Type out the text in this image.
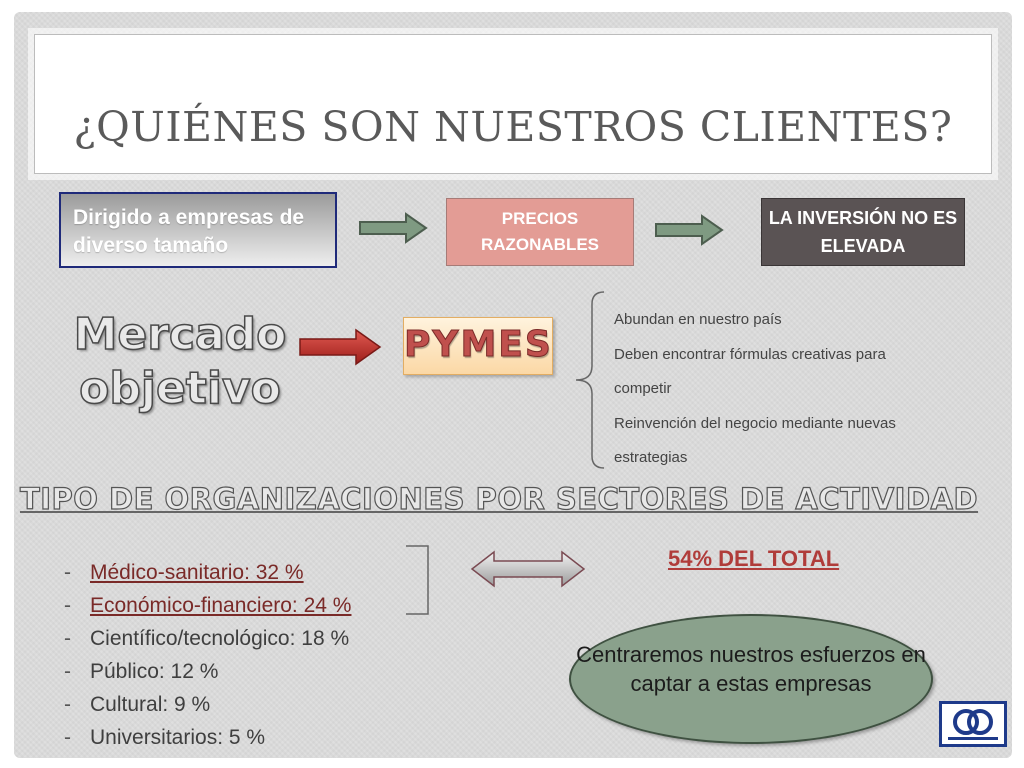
¿QUIÉNES SON NUESTROS CLIENTES?
Dirigido a empresas de diverso tamaño
PRECIOS RAZONABLES
LA INVERSIÓN NO ES ELEVADA
Mercado objetivo
PYMES
Abundan en nuestro país
Deben encontrar fórmulas creativas para
competir
Reinvención del negocio mediante nuevas
estrategias
TIPO DE ORGANIZACIONES POR SECTORES DE ACTIVIDAD
- Médico-sanitario: 32 %
- Económico-financiero: 24 %
- Científico/tecnológico: 18 %
- Público: 12 %
- Cultural: 9 %
- Universitarios: 5 %
54% DEL TOTAL
Centraremos nuestros esfuerzos en captar a estas empresas
